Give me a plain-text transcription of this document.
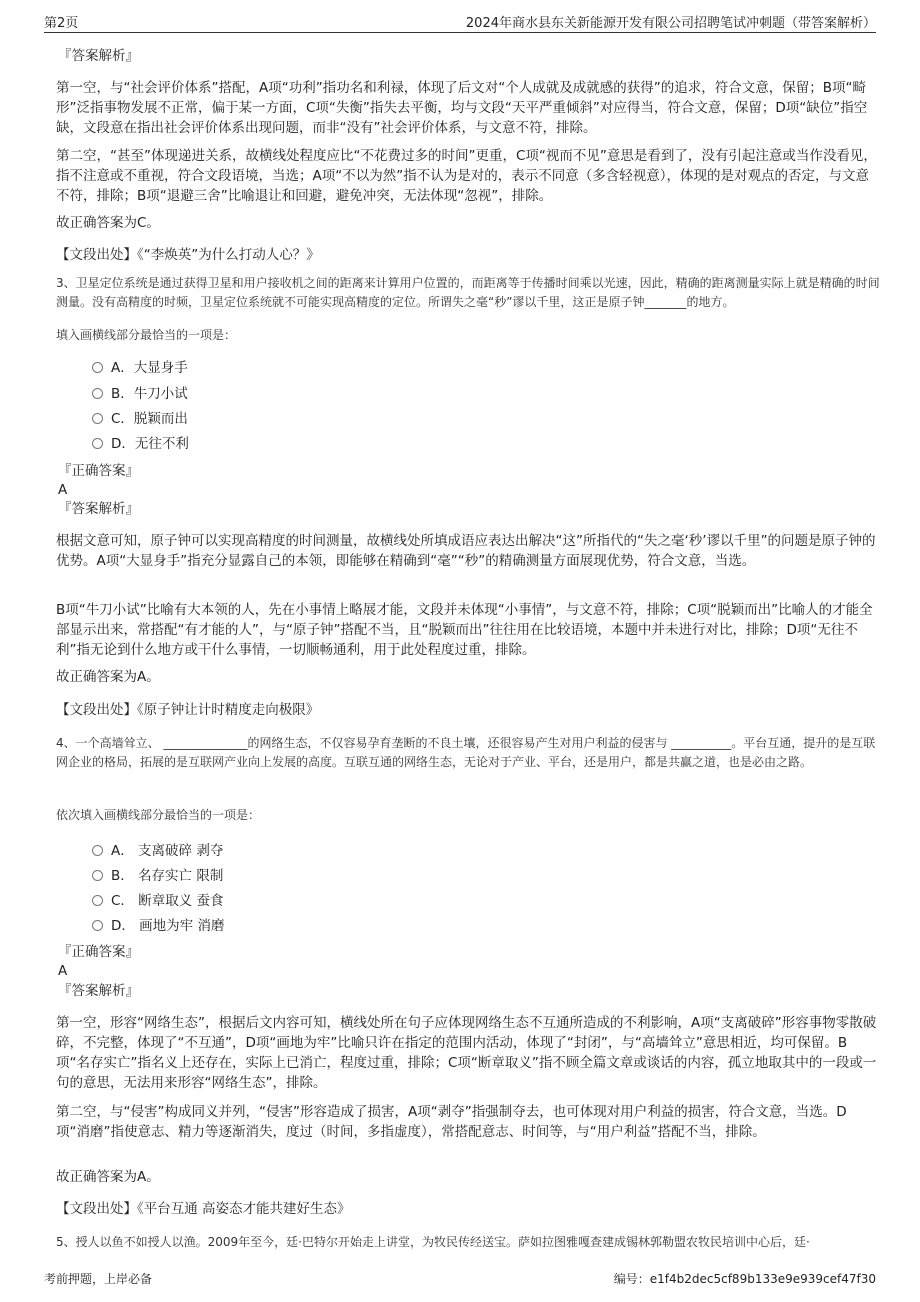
第2页	2024年商水县东关新能源开发有限公司招聘笔试冲刺题（带答案解析）
『答案解析』
第一空，与“社会评价体系”搭配，A项“功利”指功名和利禄，体现了后文对“个人成就及成就感的获得”的追求，符合文意，保留；B项“畸形”泛指事物发展不正常，偏于某一方面，C项“失衡”指失去平衡，均与文段“天平严重倾斜”对应得当，符合文意，保留；D项“缺位”指空缺，文段意在指出社会评价体系出现问题，而非“没有”社会评价体系，与文意不符，排除。
第二空，“甚至”体现递进关系，故横线处程度应比“不花费过多的时间”更重，C项“视而不见”意思是看到了，没有引起注意或当作没看见，指不注意或不重视，符合文段语境，当选；A项“不以为然”指不认为是对的，表示不同意（多含轻视意），体现的是对观点的否定，与文意不符，排除；B项“退避三舍”比喻退让和回避，避免冲突，无法体现“忽视”，排除。
故正确答案为C。
【文段出处】《“李焕英”为什么打动人心？》
3、卫星定位系统是通过获得卫星和用户接收机之间的距离来计算用户位置的，而距离等于传播时间乘以光速，因此，精确的距离测量实际上就是精确的时间测量。没有高精度的时频，卫星定位系统就不可能实现高精度的定位。所谓失之毫“秒”谬以千里，这正是原子钟_______的地方。
填入画横线部分最恰当的一项是：
A．大显身手
B．牛刀小试
C．脱颖而出
D．无往不利
『正确答案』
A
『答案解析』
根据文意可知，原子钟可以实现高精度的时间测量，故横线处所填成语应表达出解决“这”所指代的“失之毫‘秒’谬以千里”的问题是原子钟的优势。A项“大显身手”指充分显露自己的本领，即能够在精确到“毫”“秒”的精确测量方面展现优势，符合文意，当选。
B项“牛刀小试”比喻有大本领的人，先在小事情上略展才能，文段并未体现“小事情”，与文意不符，排除；C项“脱颖而出”比喻人的才能全部显示出来，常搭配“有才能的人”，与“原子钟”搭配不当，且“脱颖而出”往往用在比较语境，本题中并未进行对比，排除；D项“无往不利”指无论到什么地方或干什么事情，一切顺畅通利，用于此处程度过重，排除。
故正确答案为A。
【文段出处】《原子钟让计时精度走向极限》
4、一个高墙耸立、 ______________的网络生态，不仅容易孕育垄断的不良土壤，还很容易产生对用户利益的侵害与 __________。平台互通，提升的是互联网企业的格局，拓展的是互联网产业向上发展的高度。互联互通的网络生态，无论对于产业、平台，还是用户，都是共赢之道，也是必由之路。
依次填入画横线部分最恰当的一项是：
A． 支离破碎 剥夺
B． 名存实亡 限制
C． 断章取义 蚕食
D． 画地为牢 消磨
『正确答案』
A
『答案解析』
第一空，形容“网络生态”，根据后文内容可知，横线处所在句子应体现网络生态不互通所造成的不利影响，A项“支离破碎”形容事物零散破碎，不完整，体现了“不互通”，D项“画地为牢”比喻只许在指定的范围内活动，体现了“封闭”，与“高墙耸立”意思相近，均可保留。B项“名存实亡”指名义上还存在，实际上已消亡，程度过重，排除；C项“断章取义”指不顾全篇文章或谈话的内容，孤立地取其中的一段或一句的意思，无法用来形容“网络生态”，排除。
第二空，与“侵害”构成同义并列，“侵害”形容造成了损害，A项“剥夺”指强制夺去，也可体现对用户利益的损害，符合文意，当选。D项“消磨”指使意志、精力等逐渐消失，度过（时间，多指虚度），常搭配意志、时间等，与“用户利益”搭配不当，排除。
故正确答案为A。
【文段出处】《平台互通 高姿态才能共建好生态》
5、授人以鱼不如授人以渔。2009年至今，廷·巴特尔开始走上讲堂，为牧民传经送宝。萨如拉图雅嘎查建成锡林郭勒盟农牧民培训中心后，廷·
考前押题，上岸必备	编号：e1f4b2dec5cf89b133e9e939cef47f30
